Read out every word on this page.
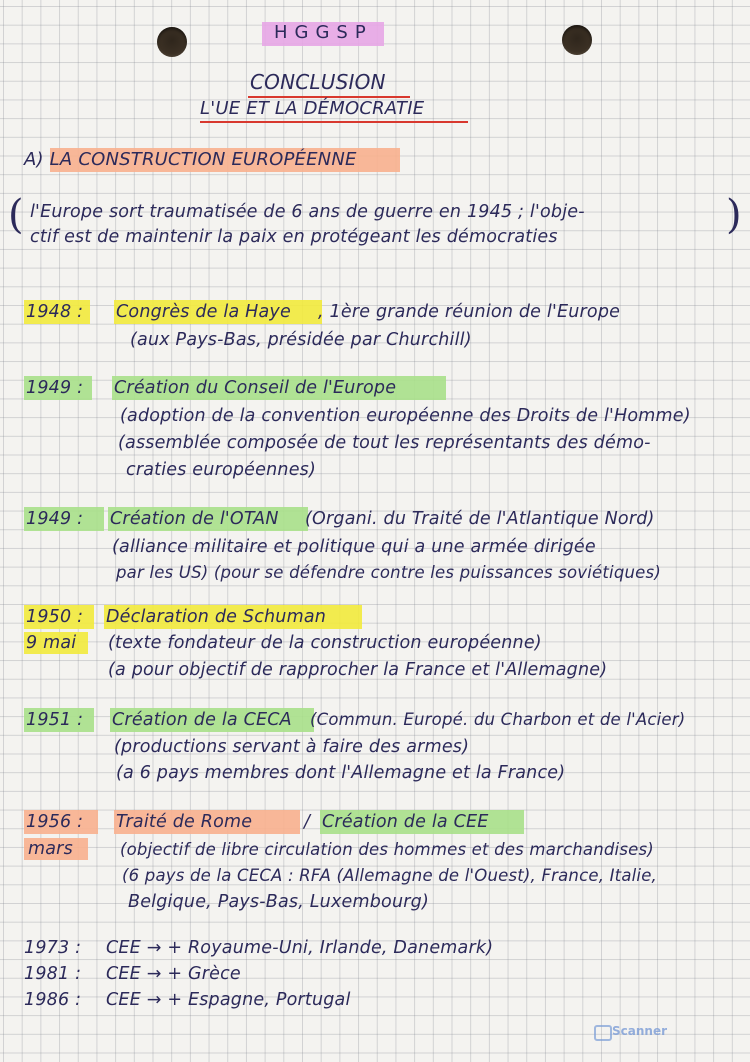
HGGSP
CONCLUSION
L'UE ET LA DÉMOCRATIE
A) LA CONSTRUCTION EUROPÉENNE
(	)
l'Europe sort traumatisée de 6 ans de guerre en 1945 ; l'obje-
ctif est de maintenir la paix en protégeant les démocraties
1948 : Congrès de la Haye , 1ère grande réunion de l'Europe
(aux Pays-Bas, présidée par Churchill)
1949 : Création du Conseil de l'Europe
(adoption de la convention européenne des Droits de l'Homme)
(assemblée composée de tout les représentants des démo-
craties européennes)
1949 : Création de l'OTAN (Organi. du Traité de l'Atlantique Nord)
(alliance militaire et politique qui a une armée dirigée
par les US) (pour se défendre contre les puissances soviétiques)
1950 :
9 mai
Déclaration de Schuman
(texte fondateur de la construction européenne)
(a pour objectif de rapprocher la France et l'Allemagne)
1951 : Création de la CECA (Commun. Europé. du Charbon et de l'Acier)
(productions servant à faire des armes)
(a 6 pays membres dont l'Allemagne et la France)
1956 :
mars
Traité de Rome	/ Création de la CEE
(objectif de libre circulation des hommes et des marchandises)
(6 pays de la CECA : RFA (Allemagne de l'Ouest), France, Italie,
Belgique, Pays-Bas, Luxembourg)
1973 : CEE → + Royaume-Uni, Irlande, Danemark)
1981 : CEE → + Grèce
1986 : CEE → + Espagne, Portugal
Scanner
